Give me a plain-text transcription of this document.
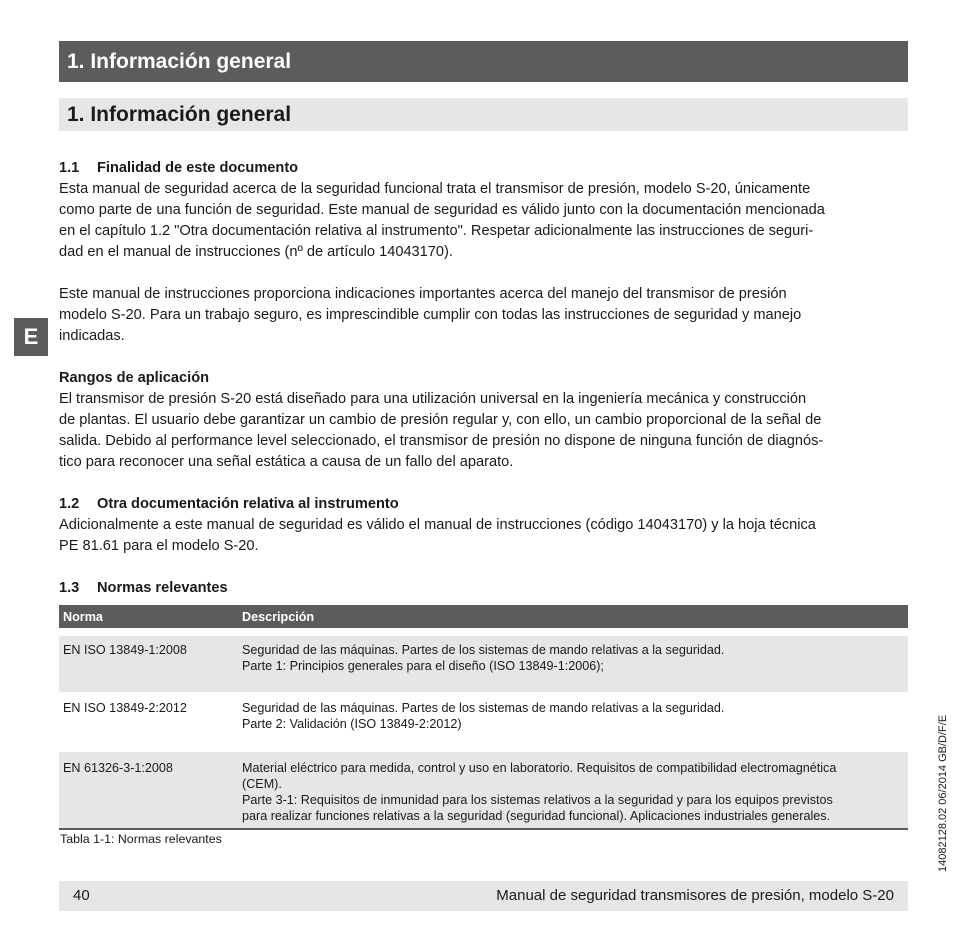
1. Información general
1. Información general
E
1.1 Finalidad de este documento

Esta manual de seguridad acerca de la seguridad funcional trata el transmisor de presión, modelo S-20, únicamente
como parte de una función de seguridad. Este manual de seguridad es válido junto con la documentación mencionada
en el capítulo 1.2 "Otra documentación relativa al instrumento". Respetar adicionalmente las instrucciones de seguri-
dad en el manual de instrucciones (nº de artículo 14043170).

Este manual de instrucciones proporciona indicaciones importantes acerca del manejo del transmisor de presión
modelo S-20. Para un trabajo seguro, es imprescindible cumplir con todas las instrucciones de seguridad y manejo
indicadas.

Rangos de aplicación

El transmisor de presión S-20 está diseñado para una utilización universal en la ingeniería mecánica y construcción
de plantas. El usuario debe garantizar un cambio de presión regular y, con ello, un cambio proporcional de la señal de
salida. Debido al performance level seleccionado, el transmisor de presión no dispone de ninguna función de diagnós-
tico para reconocer una señal estática a causa de un fallo del aparato.

1.2 Otra documentación relativa al instrumento

Adicionalmente a este manual de seguridad es válido el manual de instrucciones (código 14043170) y la hoja técnica
PE 81.61 para el modelo S-20.

1.3 Normas relevantes
Norma	Descripción

EN ISO 13849-1:2008	Seguridad de las máquinas. Partes de los sistemas de mando relativas a la seguridad.
Parte 1: Principios generales para el diseño (ISO 13849-1:2006);
EN ISO 13849-2:2012	Seguridad de las máquinas. Partes de los sistemas de mando relativas a la seguridad.
Parte 2: Validación (ISO 13849-2:2012)
EN 61326-3-1:2008	Material eléctrico para medida, control y uso en laboratorio. Requisitos de compatibilidad electromagnética
(CEM).
Parte 3-1: Requisitos de inmunidad para los sistemas relativos a la seguridad y para los equipos previstos
para realizar funciones relativas a la seguridad (seguridad funcional). Aplicaciones industriales generales.
Tabla 1-1: Normas relevantes	14082128.02 06/2014 GB/D/F/E
40	Manual de seguridad transmisores de presión, modelo S-20
